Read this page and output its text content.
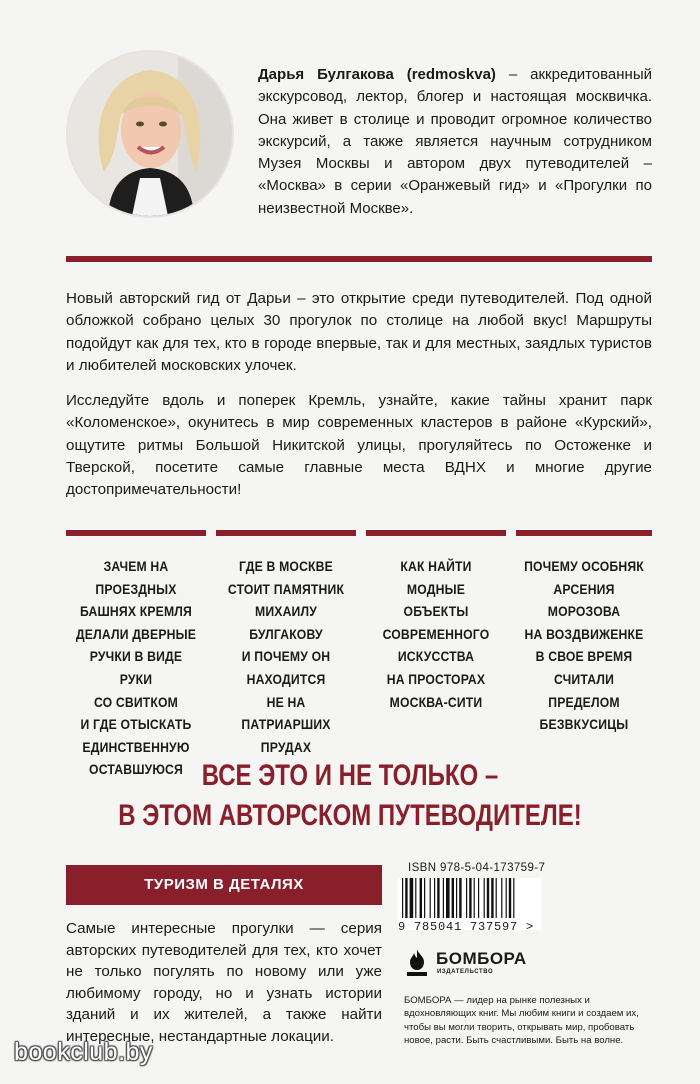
Дарья Булгакова (redmoskva) – аккредитованный экскурсовод, лектор, блогер и настоящая москвичка. Она живет в столице и проводит огромное количество экскурсий, а также является научным сотрудником Музея Москвы и автором двух путеводителей – «Москва» в серии «Оранжевый гид» и «Прогулки по неизвестной Москве».

Новый авторский гид от Дарьи – это открытие среди путеводителей. Под одной обложкой собрано целых 30 прогулок по столице на любой вкус! Маршруты подойдут как для тех, кто в городе впервые, так и для местных, заядлых туристов и любителей московских улочек.

Исследуйте вдоль и поперек Кремль, узнайте, какие тайны хранит парк «Коломенское», окунитесь в мир современных кластеров в районе «Курский», ощутите ритмы Большой Никитской улицы, прогуляйтесь по Остоженке и Тверской, посетите самые главные места ВДНХ и многие другие достопримечательности!

ЗАЧЕМ НА ПРОЕЗДНЫХ
БАШНЯХ КРЕМЛЯ
ДЕЛАЛИ ДВЕРНЫЕ
РУЧКИ В ВИДЕ РУКИ
СО СВИТКОМ
И ГДЕ ОТЫСКАТЬ
ЕДИНСТВЕННУЮ
ОСТАВШУЮСЯ
ГДЕ В МОСКВЕ
СТОИТ ПАМЯТНИК
МИХАИЛУ БУЛГАКОВУ
И ПОЧЕМУ ОН
НАХОДИТСЯ
НЕ НА ПАТРИАРШИХ
ПРУДАХ
КАК НАЙТИ
МОДНЫЕ
ОБЪЕКТЫ
СОВРЕМЕННОГО
ИСКУССТВА
НА ПРОСТОРАХ
МОСКВА-СИТИ
ПОЧЕМУ ОСОБНЯК
АРСЕНИЯ МОРОЗОВА
НА ВОЗДВИЖЕНКЕ
В СВОЕ ВРЕМЯ
СЧИТАЛИ
ПРЕДЕЛОМ
БЕЗВКУСИЦЫ
ВСЕ ЭТО И НЕ ТОЛЬКО –
В ЭТОМ АВТОРСКОМ ПУТЕВОДИТЕЛЕ!
ТУРИЗМ В ДЕТАЛЯХ
Самые интересные прогулки — серия авторских путеводителей для тех, кто хочет не только погулять по новому или уже любимому городу, но и узнать истории зданий и их жителей, а также найти интересные, нестандартные локации.
ISBN 978-5-04-173759-7
9 785041 737597 >
БОМБОРА
ИЗДАТЕЛЬСТВО
БОМБОРА — лидер на рынке полезных и вдохновляющих книг. Мы любим книги и создаем их, чтобы вы могли творить, открывать мир, пробовать новое, расти. Быть счастливыми. Быть на волне.
bookclub.by
